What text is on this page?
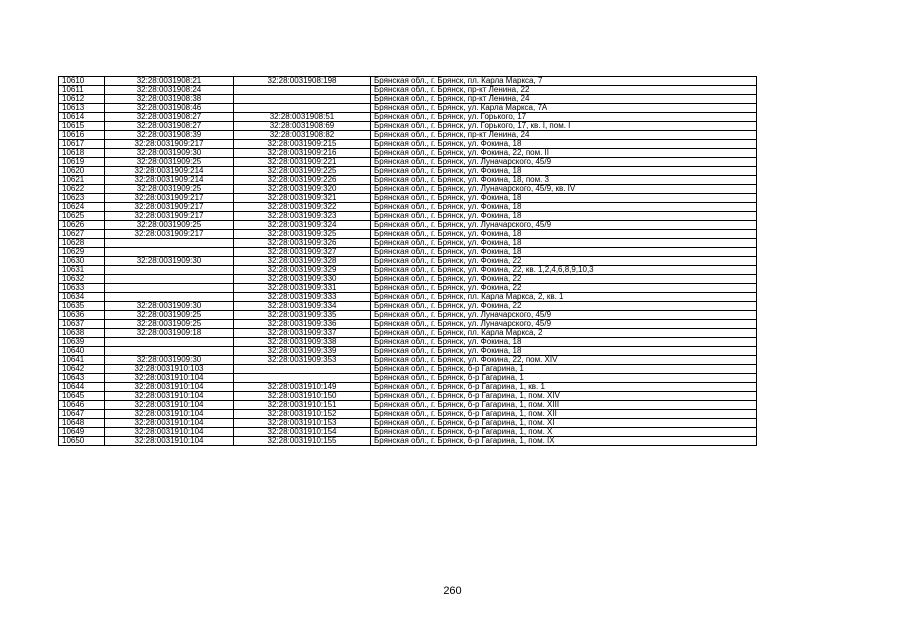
10610	32:28:0031908:21	32:28:0031908:198	Брянская обл., г. Брянск, пл. Карла Маркса, 7
10611	32:28:0031908:24		Брянская обл., г. Брянск, пр-кт Ленина, 22
10612	32:28:0031908:38		Брянская обл., г. Брянск, пр-кт Ленина, 24
10613	32:28:0031908:46		Брянская обл., г. Брянск, ул. Карла Маркса, 7А
10614	32:28:0031908:27	32:28:0031908:51	Брянская обл., г. Брянск, ул. Горького, 17
10615	32:28:0031908:27	32:28:0031908:69	Брянская обл., г. Брянск, ул. Горького, 17, кв. I, пом. I
10616	32:28:0031908:39	32:28:0031908:82	Брянская обл., г. Брянск, пр-кт Ленина, 24
10617	32:28:0031909:217	32:28:0031909:215	Брянская обл., г. Брянск, ул. Фокина, 18
10618	32:28:0031909:30	32:28:0031909:216	Брянская обл., г. Брянск, ул. Фокина, 22, пом. II
10619	32:28:0031909:25	32:28:0031909:221	Брянская обл., г. Брянск, ул. Луначарского, 45/9
10620	32:28:0031909:214	32:28:0031909:225	Брянская обл., г. Брянск, ул. Фокина, 18
10621	32:28:0031909:214	32:28:0031909:226	Брянская обл., г. Брянск, ул. Фокина, 18, пом. 3
10622	32:28:0031909:25	32:28:0031909:320	Брянская обл., г. Брянск, ул. Луначарского, 45/9, кв. IV
10623	32:28:0031909:217	32:28:0031909:321	Брянская обл., г. Брянск, ул. Фокина, 18
10624	32:28:0031909:217	32:28:0031909:322	Брянская обл., г. Брянск, ул. Фокина, 18
10625	32:28:0031909:217	32:28:0031909:323	Брянская обл., г. Брянск, ул. Фокина, 18
10626	32:28:0031909:25	32:28:0031909:324	Брянская обл., г. Брянск, ул. Луначарского, 45/9
10627	32:28:0031909:217	32:28:0031909:325	Брянская обл., г. Брянск, ул. Фокина, 18
10628		32:28:0031909:326	Брянская обл., г. Брянск, ул. Фокина, 18
10629		32:28:0031909:327	Брянская обл., г. Брянск, ул. Фокина, 18
10630	32:28:0031909:30	32:28:0031909:328	Брянская обл., г. Брянск, ул. Фокина, 22
10631		32:28:0031909:329	Брянская обл., г. Брянск, ул. Фокина, 22, кв. 1,2,4,6,8,9,10,3
10632		32:28:0031909:330	Брянская обл., г. Брянск, ул. Фокина, 22
10633		32:28:0031909:331	Брянская обл., г. Брянск, ул. Фокина, 22
10634		32:28:0031909:333	Брянская обл., г. Брянск, пл. Карла Маркса, 2, кв. 1
10635	32:28:0031909:30	32:28:0031909:334	Брянская обл., г. Брянск, ул. Фокина, 22
10636	32:28:0031909:25	32:28:0031909:335	Брянская обл., г. Брянск, ул. Луначарского, 45/9
10637	32:28:0031909:25	32:28:0031909:336	Брянская обл., г. Брянск, ул. Луначарского, 45/9
10638	32:28:0031909:18	32:28:0031909:337	Брянская обл., г. Брянск, пл. Карла Маркса, 2
10639		32:28:0031909:338	Брянская обл., г. Брянск, ул. Фокина, 18
10640		32:28:0031909:339	Брянская обл., г. Брянск, ул. Фокина, 18
10641	32:28:0031909:30	32:28:0031909:353	Брянская обл., г. Брянск, ул. Фокина, 22, пом. XIV
10642	32:28:0031910:103		Брянская обл., г. Брянск, б-р Гагарина, 1
10643	32:28:0031910:104		Брянская обл., г. Брянск, б-р Гагарина, 1
10644	32:28:0031910:104	32:28:0031910:149	Брянская обл., г. Брянск, б-р Гагарина, 1, кв. 1
10645	32:28:0031910:104	32:28:0031910:150	Брянская обл., г. Брянск, б-р Гагарина, 1, пом. XIV
10646	32:28:0031910:104	32:28:0031910:151	Брянская обл., г. Брянск, б-р Гагарина, 1, пом. XIII
10647	32:28:0031910:104	32:28:0031910:152	Брянская обл., г. Брянск, б-р Гагарина, 1, пом. XII
10648	32:28:0031910:104	32:28:0031910:153	Брянская обл., г. Брянск, б-р Гагарина, 1, пом. XI
10649	32:28:0031910:104	32:28:0031910:154	Брянская обл., г. Брянск, б-р Гагарина, 1, пом. X
10650	32:28:0031910:104	32:28:0031910:155	Брянская обл., г. Брянск, б-р Гагарина, 1, пом. IX
260
